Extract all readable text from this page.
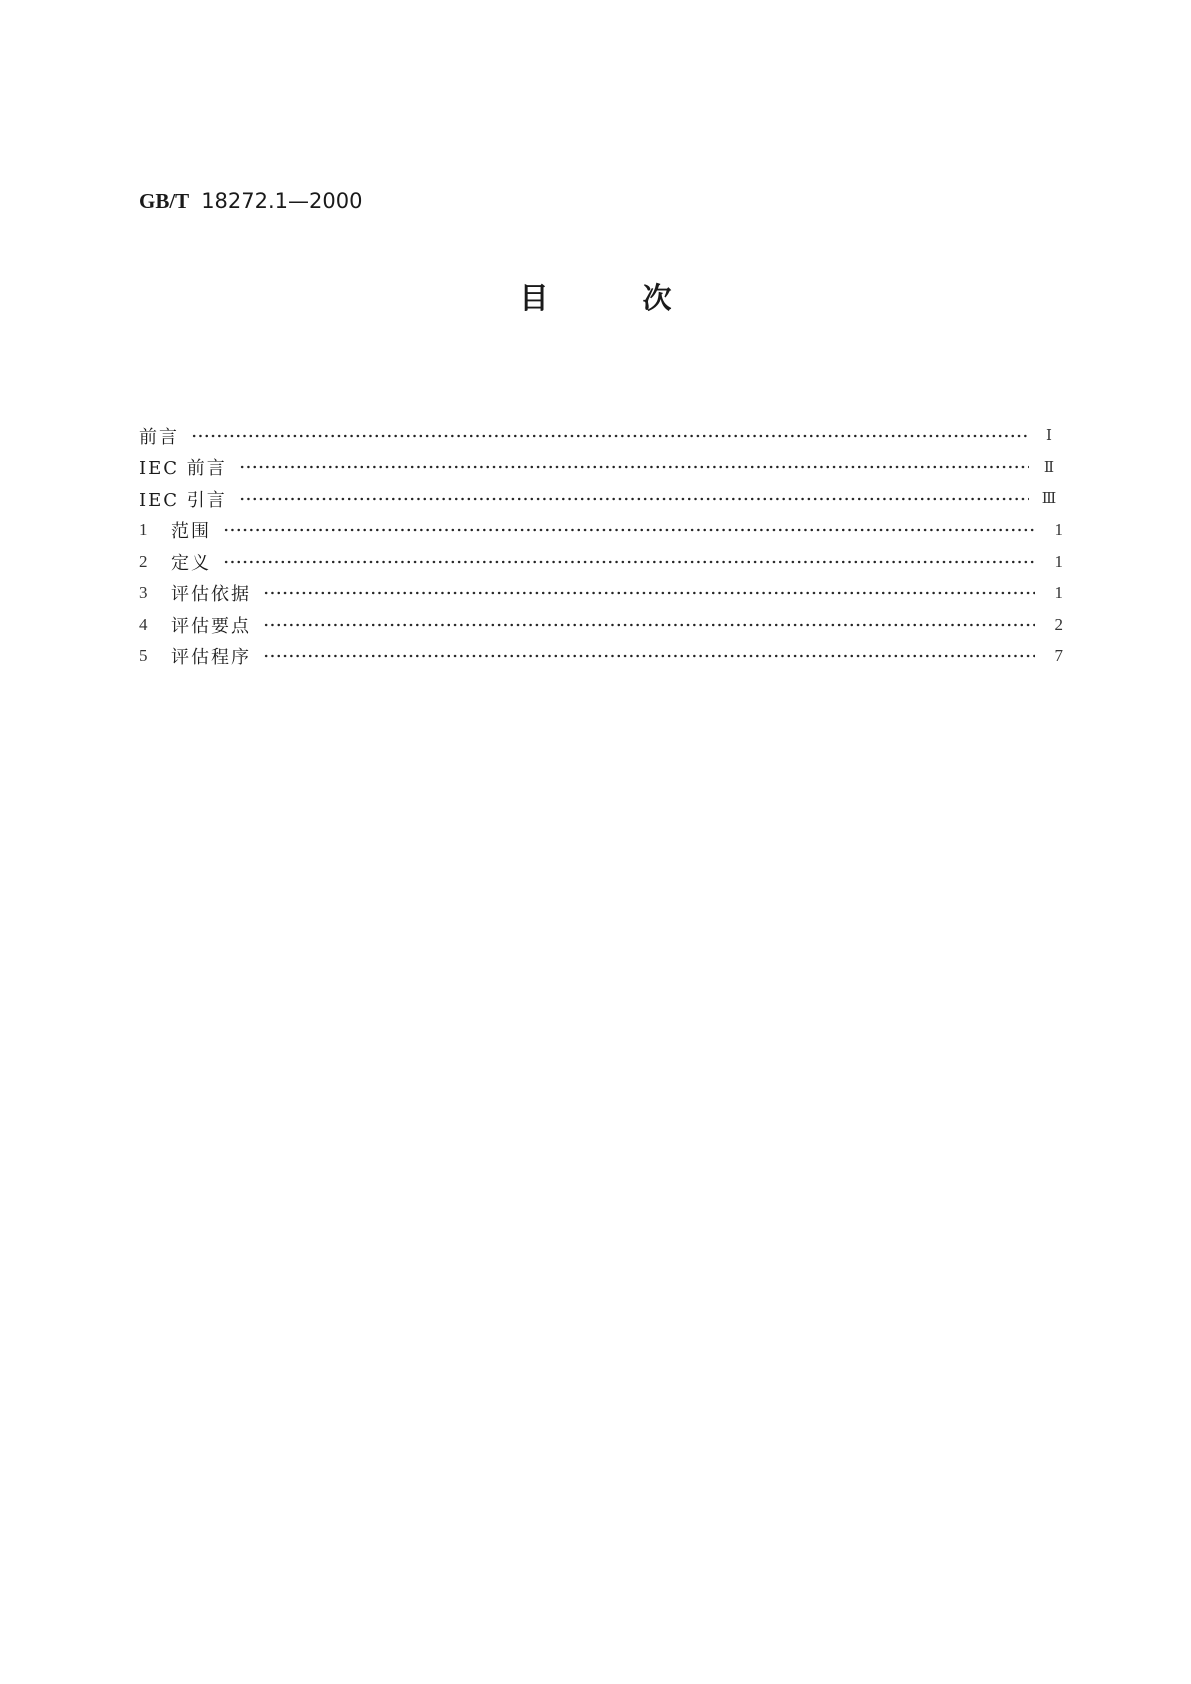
GB/T 18272.1—2000
目次
前言	Ⅰ
IEC 前言	Ⅱ
IEC 引言	Ⅲ
1	范围	1
2	定义	1
3	评估依据	1
4	评估要点	2
5	评估程序	7
